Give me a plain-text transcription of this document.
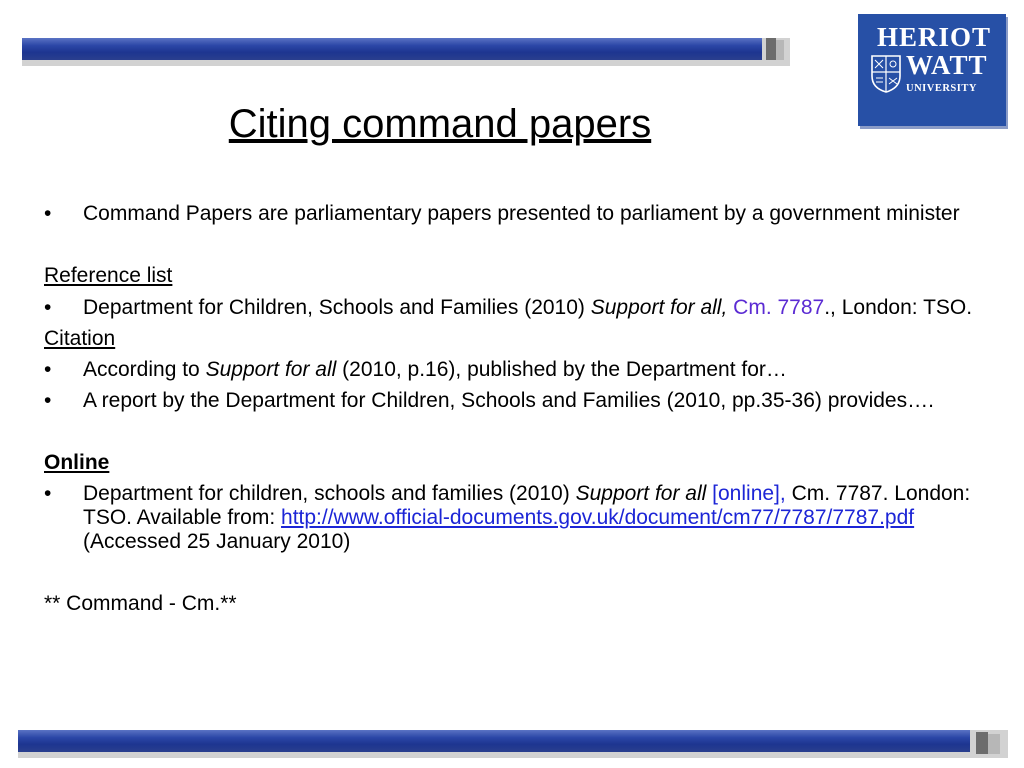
HERIOT
WATT
UNIVERSITY
Citing command papers
• Command Papers are parliamentary papers presented to parliament by a government minister
Reference list
• Department for Children, Schools and Families (2010) Support for all, Cm. 7787., London: TSO.
Citation
• According to Support for all (2010, p.16), published by the Department for…
• A report by the Department for Children, Schools and Families (2010, pp.35-36) provides….
Online
• Department for children, schools and families (2010) Support for all [online], Cm. 7787. London: TSO. Available from: http://www.official-documents.gov.uk/document/cm77/7787/7787.pdf (Accessed 25 January 2010)
** Command - Cm.**
